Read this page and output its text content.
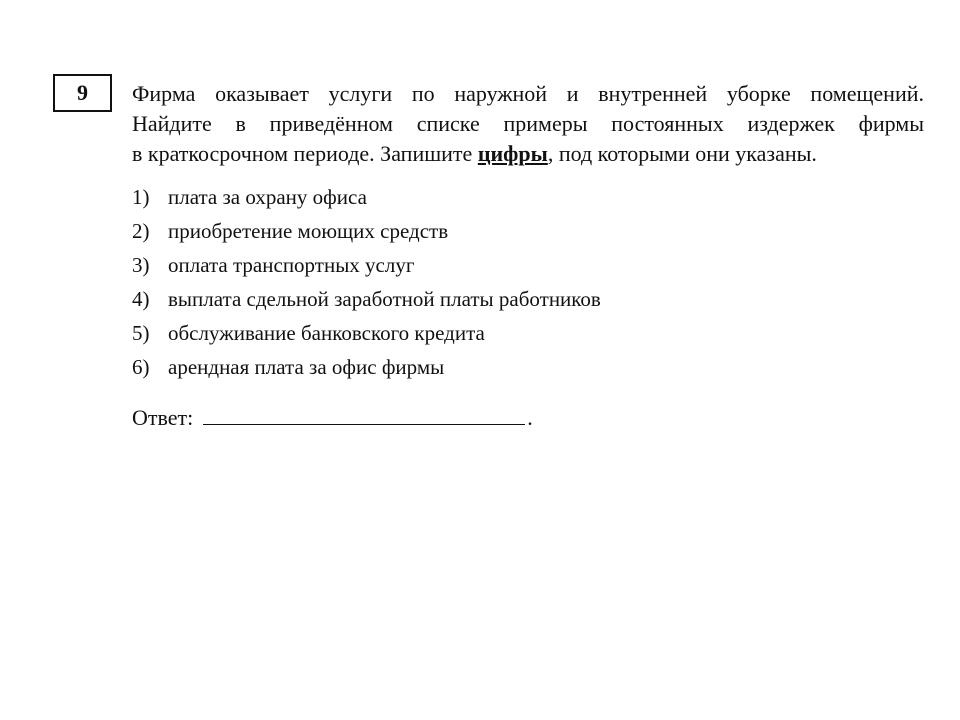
9 Фирма оказывает услуги по наружной и внутренней уборке помещений.
Найдите в приведённом списке примеры постоянных издержек фирмы
в краткосрочном периоде. Запишите цифры, под которыми они указаны.
1) плата за охрану офиса
2) приобретение моющих средств
3) оплата транспортных услуг
4) выплата сдельной заработной платы работников
5) обслуживание банковского кредита
6) арендная плата за офис фирмы
Ответ:	.
